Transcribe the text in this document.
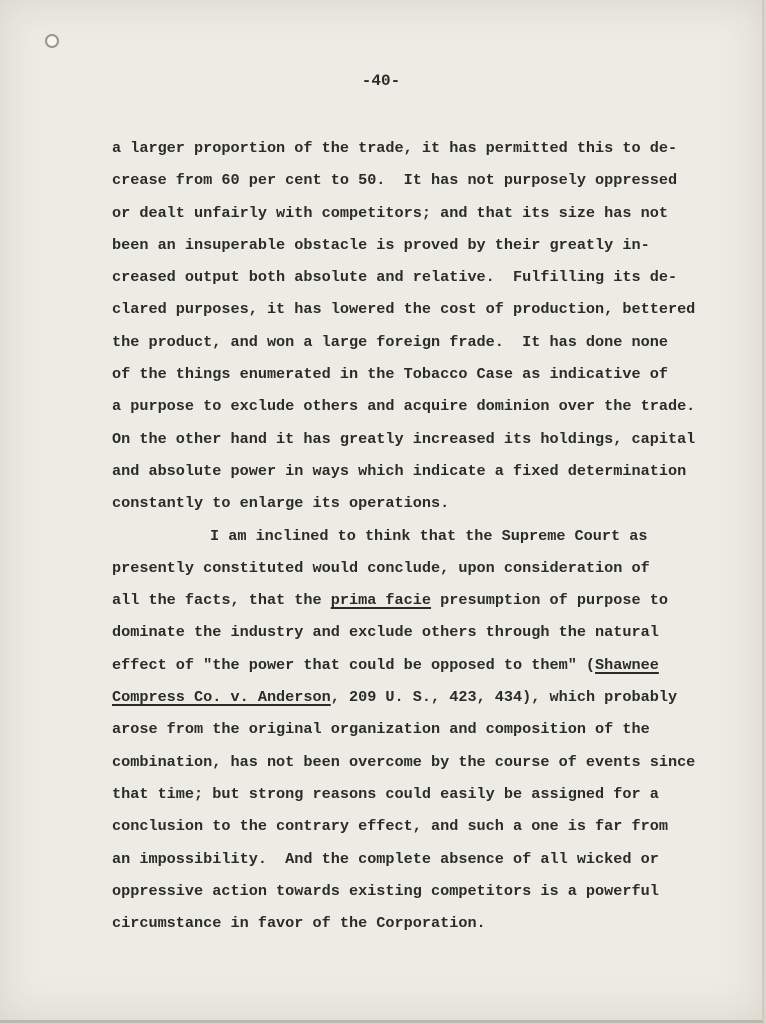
-40-
a larger proportion of the trade, it has permitted this to de-
crease from 60 per cent to 50.  It has not purposely oppressed
or dealt unfairly with competitors; and that its size has not
been an insuperable obstacle is proved by their greatly in-
creased output both absolute and relative.  Fulfilling its de-
clared purposes, it has lowered the cost of production, bettered
the product, and won a large foreign frade.  It has done none
of the things enumerated in the Tobacco Case as indicative of
a purpose to exclude others and acquire dominion over the trade.
On the other hand it has greatly increased its holdings, capital
and absolute power in ways which indicate a fixed determination
constantly to enlarge its operations.
I am inclined to think that the Supreme Court as
presently constituted would conclude, upon consideration of
all the facts, that the prima facie presumption of purpose to
dominate the industry and exclude others through the natural
effect of "the power that could be opposed to them" (Shawnee
Compress Co. v. Anderson, 209 U. S., 423, 434), which probably
arose from the original organization and composition of the
combination, has not been overcome by the course of events since
that time; but strong reasons could easily be assigned for a
conclusion to the contrary effect, and such a one is far from
an impossibility.  And the complete absence of all wicked or
oppressive action towards existing competitors is a powerful
circumstance in favor of the Corporation.
